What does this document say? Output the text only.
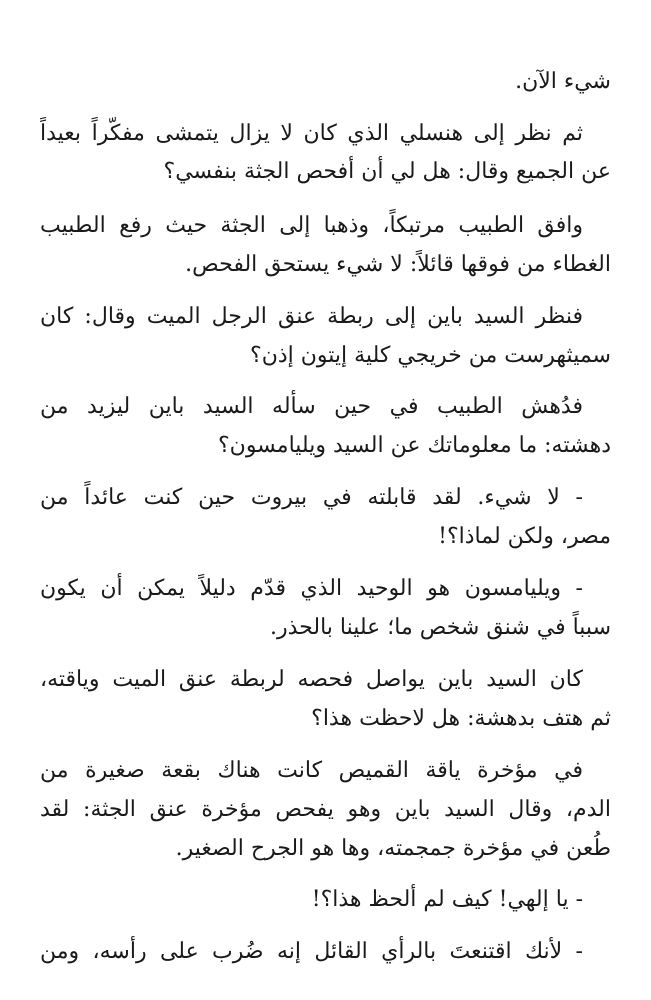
شيء الآن.
ثم نظر إلى هنسلي الذي كان لا يزال يتمشى مفكّراً بعيداً
عن الجميع وقال: هل لي أن أفحص الجثة بنفسي؟
وافق الطبيب مرتبكاً، وذهبا إلى الجثة حيث رفع الطبيب
الغطاء من فوقها قائلاً: لا شيء يستحق الفحص.
فنظر السيد باين إلى ربطة عنق الرجل الميت وقال: كان
سميثهرست من خريجي كلية إيتون إذن؟
فدُهش الطبيب في حين سأله السيد باين ليزيد من
دهشته: ما معلوماتك عن السيد ويليامسون؟
- لا شيء. لقد قابلته في بيروت حين كنت عائداً من
مصر، ولكن لماذا؟!
- ويليامسون هو الوحيد الذي قدّم دليلاً يمكن أن يكون
سبباً في شنق شخص ما؛ علينا بالحذر.
كان السيد باين يواصل فحصه لربطة عنق الميت وياقته،
ثم هتف بدهشة: هل لاحظت هذا؟
في مؤخرة ياقة القميص كانت هناك بقعة صغيرة من
الدم، وقال السيد باين وهو يفحص مؤخرة عنق الجثة: لقد
طُعن في مؤخرة جمجمته، وها هو الجرح الصغير.
- يا إلهي! كيف لم ألحظ هذا؟!
- لأنك اقتنعتَ بالرأي القائل إنه ضُرب على رأسه، ومن
